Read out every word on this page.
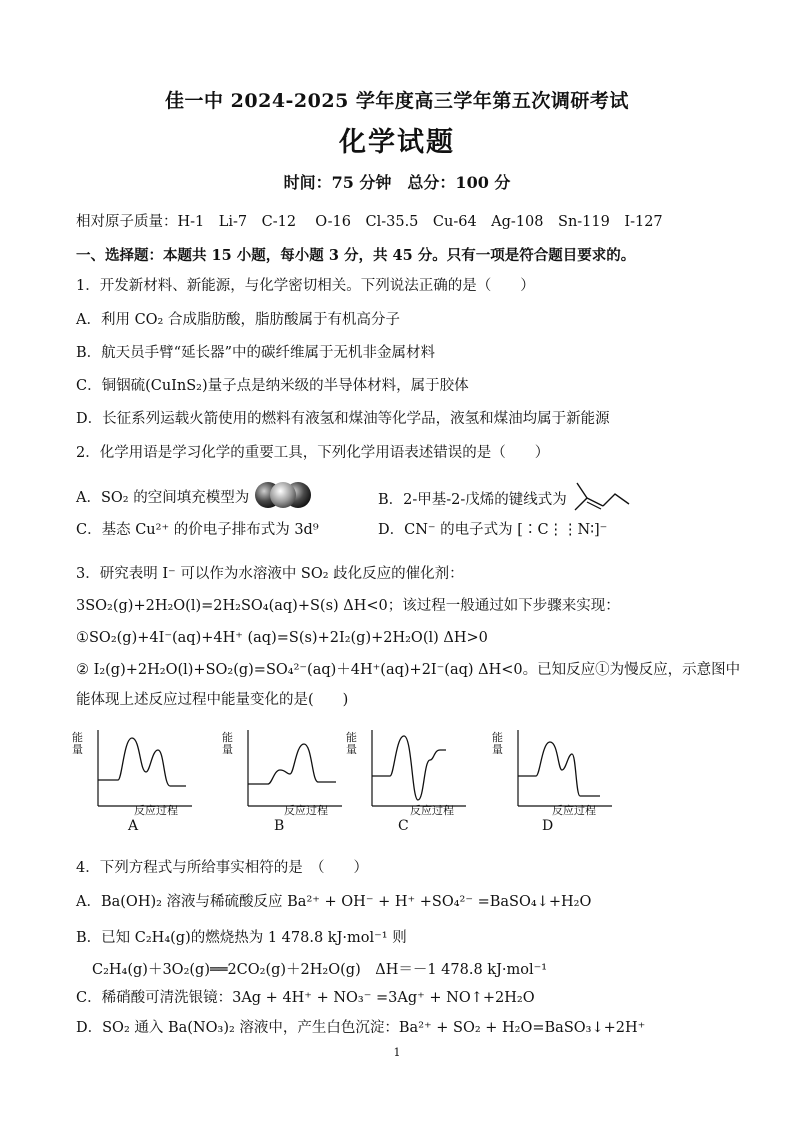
佳一中 2024-2025 学年度高三学年第五次调研考试
化学试题
时间：75 分钟　总分：100 分
相对原子质量：H-1　Li-7　C-12　 O-16　Cl-35.5　Cu-64　Ag-108　Sn-119　I-127
一、选择题：本题共 15 小题，每小题 3 分，共 45 分。只有一项是符合题目要求的。
1．开发新材料、新能源，与化学密切相关。下列说法正确的是（　　）
A．利用 CO₂ 合成脂肪酸，脂肪酸属于有机高分子
B．航天员手臂“延长器”中的碳纤维属于无机非金属材料
C．铜铟硫(CuInS₂)量子点是纳米级的半导体材料，属于胶体
D．长征系列运载火箭使用的燃料有液氢和煤油等化学品，液氢和煤油均属于新能源
2．化学用语是学习化学的重要工具，下列化学用语表述错误的是（　　）
A．SO₂ 的空间填充模型为	B．2-甲基-2-戊烯的键线式为
C．基态 Cu²⁺ 的价电子排布式为 3d⁹	D．CN⁻ 的电子式为 [∶C⋮⋮N∶]⁻
3．研究表明 I⁻ 可以作为水溶液中 SO₂ 歧化反应的催化剂：
3SO₂(g)+2H₂O(l)=2H₂SO₄(aq)+S(s) ΔH<0；该过程一般通过如下步骤来实现：
①SO₂(g)+4I⁻(aq)+4H⁺ (aq)=S(s)+2I₂(g)+2H₂O(l) ΔH>0
② I₂(g)+2H₂O(l)+SO₂(g)=SO₄²⁻(aq)＋4H⁺(aq)+2I⁻(aq) ΔH<0。已知反应①为慢反应，示意图中
能体现上述反应过程中能量变化的是(　　)
能量
反应过程
A
能量
反应过程
B
能量
反应过程
C
能量
反应过程
D
4．下列方程式与所给事实相符的是　（　　）
A．Ba(OH)₂ 溶液与稀硫酸反应 Ba²⁺ + OH⁻ + H⁺ +SO₄²⁻ =BaSO₄↓+H₂O
B．已知 C₂H₄(g)的燃烧热为 1 478.8 kJ·mol⁻¹ 则
C₂H₄(g)＋3O₂(g)══2CO₂(g)＋2H₂O(g)　ΔH＝－1 478.8 kJ·mol⁻¹
C．稀硝酸可清洗银镜：3Ag + 4H⁺ + NO₃⁻ =3Ag⁺ + NO↑+2H₂O
D．SO₂ 通入 Ba(NO₃)₂ 溶液中，产生白色沉淀：Ba²⁺ + SO₂ + H₂O=BaSO₃↓+2H⁺
1
